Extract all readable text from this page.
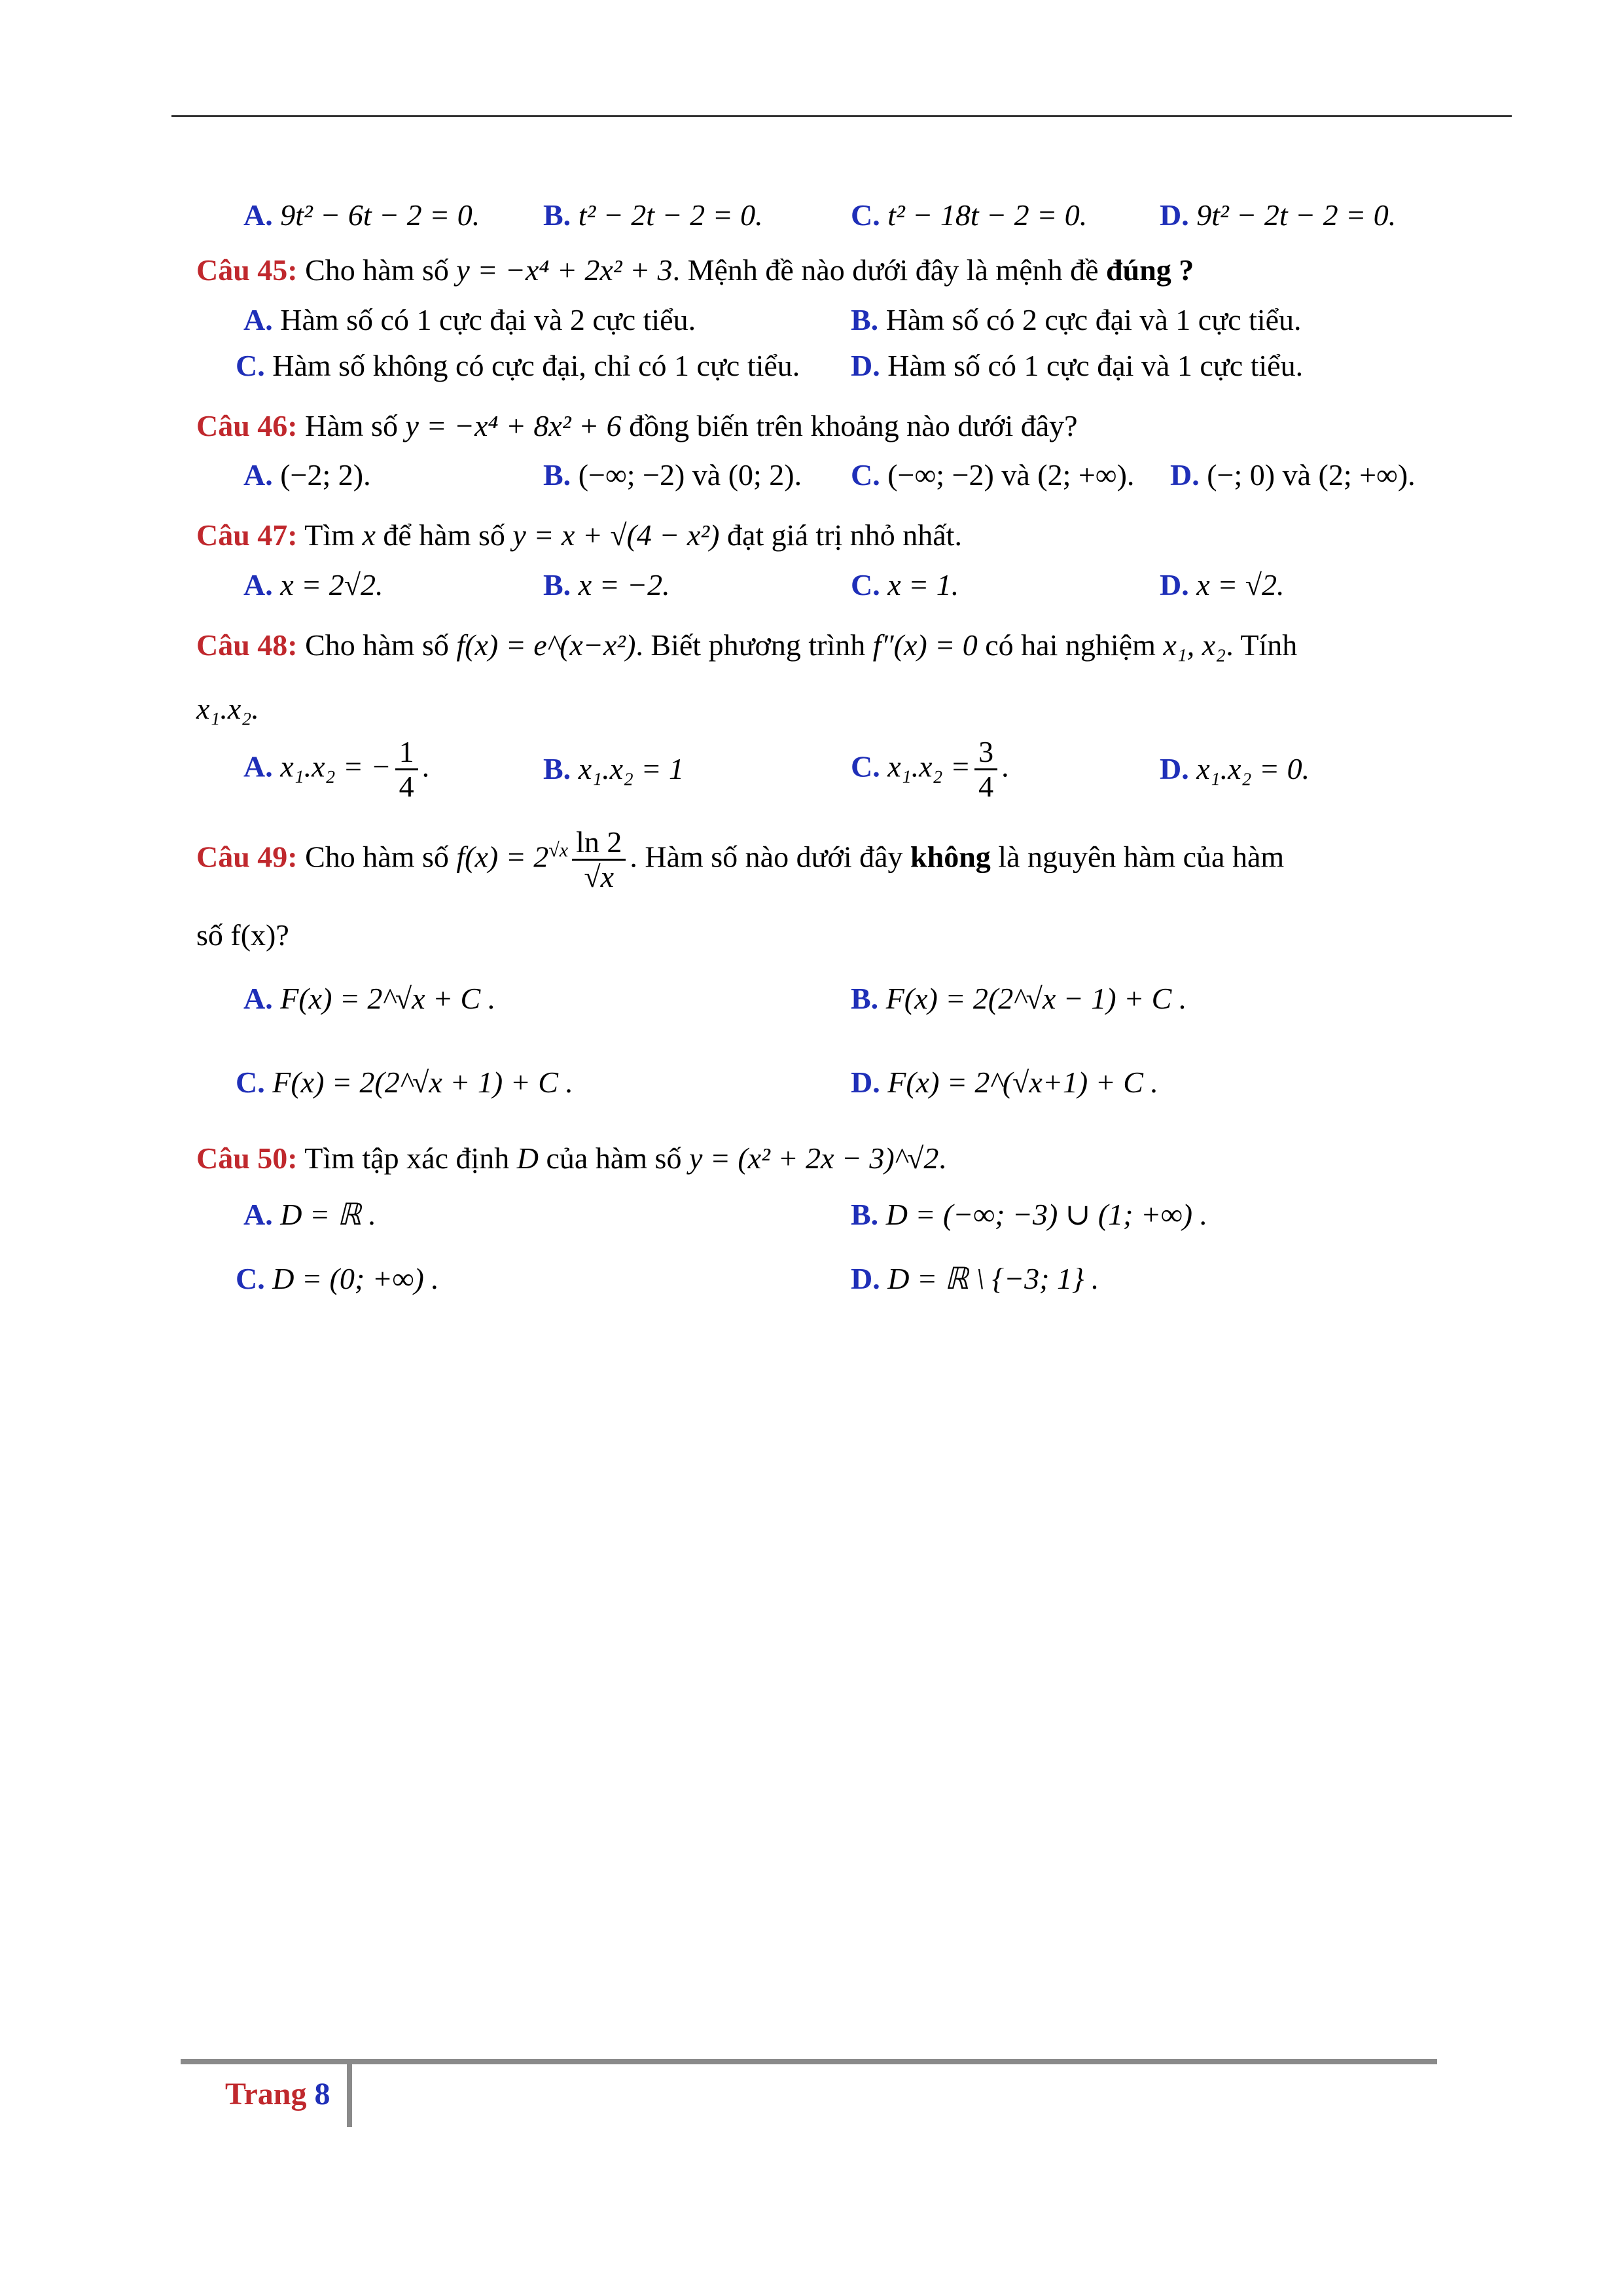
A. 9t² − 6t − 2 = 0. B. t² − 2t − 2 = 0.	C. t² − 18t − 2 = 0. D. 9t² − 2t − 2 = 0.
Câu 45: Cho hàm số y = −x⁴ + 2x² + 3. Mệnh đề nào dưới đây là mệnh đề đúng ?
A. Hàm số có 1 cực đại và 2 cực tiểu.	B. Hàm số có 2 cực đại và 1 cực tiểu.
C. Hàm số không có cực đại, chỉ có 1 cực tiểu. D. Hàm số có 1 cực đại và 1 cực tiểu.
Câu 46: Hàm số y = −x⁴ + 8x² + 6 đồng biến trên khoảng nào dưới đây?
A. (−2; 2).	B. (−∞; −2) và (0; 2). C. (−∞; −2) và (2; +∞). D. (−; 0) và (2; +∞).
Câu 47: Tìm x để hàm số y = x + √(4 − x²) đạt giá trị nhỏ nhất.
A. x = 2√2.	B. x = −2.	C. x = 1.	D. x = √2.
Câu 48: Cho hàm số f(x) = e^(x−x²). Biết phương trình f″(x) = 0 có hai nghiệm x₁, x₂. Tính
x₁.x₂.
A. x₁.x₂ = − $\frac{1}{4}$ .	B. x₁.x₂ = 1	C. $x_1.x_2 = \frac{3}{4}$ .	D. x₁.x₂ = 0.
Câu 49: Cho hàm số $f(x) = 2^{√x} \frac{\ln 2}{√x}$ . Hàm số nào dưới đây không là nguyên hàm của hàm
số f(x)?
A. F(x) = 2^√x + C .	B. F(x) = 2(2^√x − 1) + C .
C. F(x) = 2(2^√x + 1) + C .	D. F(x) = 2^(√x+1) + C .
Câu 50: Tìm tập xác định D của hàm số y = (x² + 2x − 3)^√2.
A. D = ℝ .	B. D = (−∞; −3) ∪ (1; +∞) .
C. D = (0; +∞) .	D. D = ℝ \ {−3; 1} .
Trang 8
